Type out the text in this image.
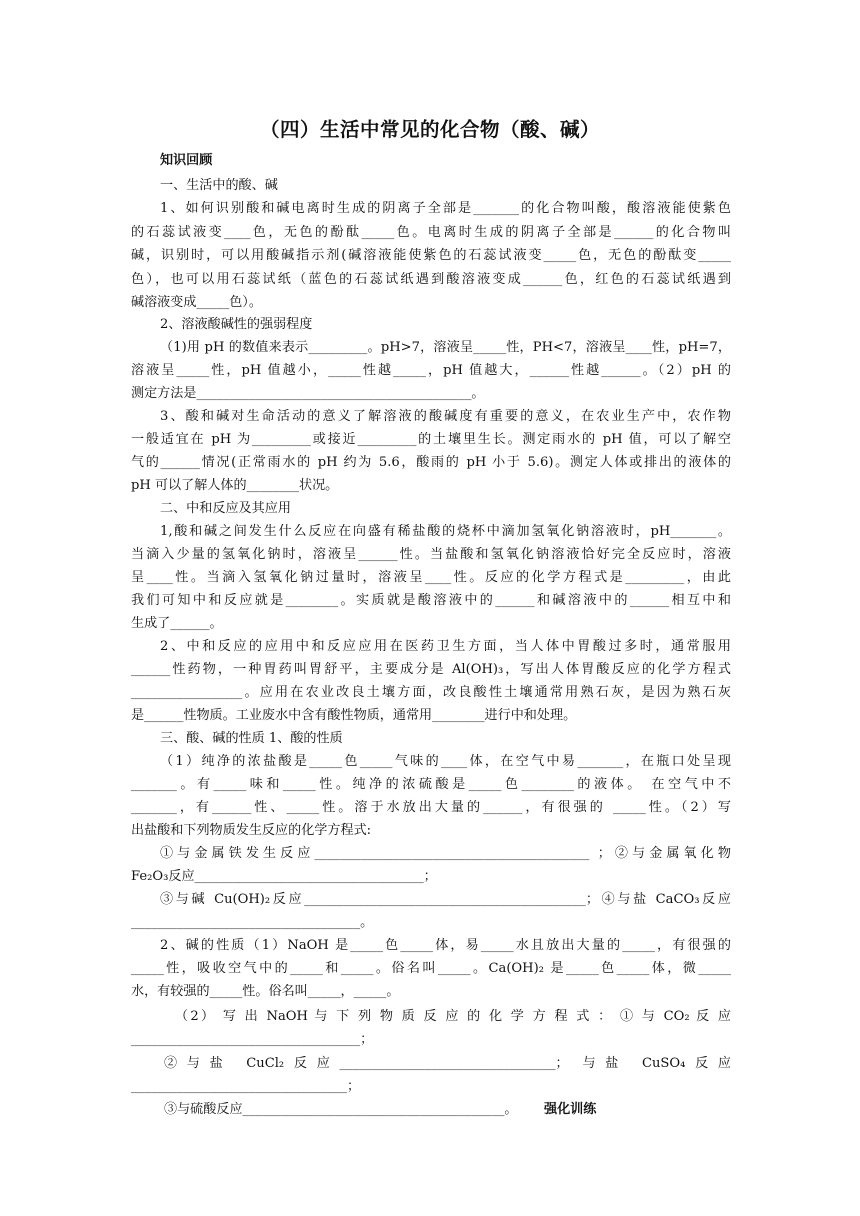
（四）生活中常见的化合物（酸、碱）
知识回顾
一、生活中的酸、碱
1、如何识别酸和碱电离时生成的阴离子全部是_______的化合物叫酸，酸溶液能使紫色
的石蕊试液变____色，无色的酚酞_____色。电离时生成的阴离子全部是______的化合物叫
碱，识别时，可以用酸碱指示剂(碱溶液能使紫色的石蕊试液变_____色，无色的酚酞变_____
色），也可以用石蕊试纸（蓝色的石蕊试纸遇到酸溶液变成______色，红色的石蕊试纸遇到
碱溶液变成_____色）。
2、溶液酸碱性的强弱程度
（1)用 pH 的数值来表示_________。pH>7，溶液呈_____性，PH<7，溶液呈____性，pH=7，
溶液呈_____性，pH 值越小，_____性越_____，pH 值越大，______性越______。（2）pH 的
测定方法是__________________________________________。
3、酸和碱对生命活动的意义了解溶液的酸碱度有重要的意义，在农业生产中，农作物
一般适宜在 pH 为_________或接近_________的土壤里生长。测定雨水的 pH 值，可以了解空
气的______情况(正常雨水的 pH 约为 5.6，酸雨的 pH 小于 5.6)。测定人体或排出的液体的
pH 可以了解人体的________状况。
二、中和反应及其应用
1,酸和碱之间发生什么反应在向盛有稀盐酸的烧杯中滴加氢氧化钠溶液时，pH_______。
当滴入少量的氢氧化钠时，溶液呈______性。当盐酸和氢氧化钠溶液恰好完全反应时，溶液
呈____性。当滴入氢氧化钠过量时，溶液呈____性。反应的化学方程式是_________，由此
我们可知中和反应就是________。实质就是酸溶液中的______和碱溶液中的______相互中和
生成了______。
2、中和反应的应用中和反应应用在医药卫生方面，当人体中胃酸过多时，通常服用
______性药物，一种胃药叫胃舒平，主要成分是 Al(OH)₃，写出人体胃酸反应的化学方程式
_________________。应用在农业改良土壤方面，改良酸性土壤通常用熟石灰，是因为熟石灰
是______性物质。工业废水中含有酸性物质，通常用________进行中和处理。
三、酸、碱的性质 1、酸的性质
（1）纯净的浓盐酸是_____色_____气味的____体，在空气中易_______，在瓶口处呈现
_______。有_____味和_____性。纯净的浓硫酸是_____色________的液体。 在空气中不
_______，有______性、_____性。溶于水放出大量的______，有很强的 _____性。（2）写
出盐酸和下列物质发生反应的化学方程式:
①与金属铁发生反应__________________________________________ ；②与金属氧化物
Fe₂O₃反应___________________________________；
③与碱 Cu(OH)₂反应___________________________________________；④与盐 CaCO₃反应
___________________________________。
2、碱的性质（1）NaOH 是_____色_____体，易_____水且放出大量的_____，有很强的
_____性，吸收空气中的_____和_____。俗名叫_____。Ca(OH)₂ 是_____色_____体，微_____
水，有较强的_____性。俗名叫_____，_____。
（2） 写 出 NaOH 与 下 列 物 质 反 应 的 化 学 方 程 式 ： ① 与 CO₂ 反 应
___________________________________；
②与盐 CuCl₂反应_________________________________； 与盐 CuSO₄反应
_________________________________；
③与硫酸反应________________________________________。	强化训练
